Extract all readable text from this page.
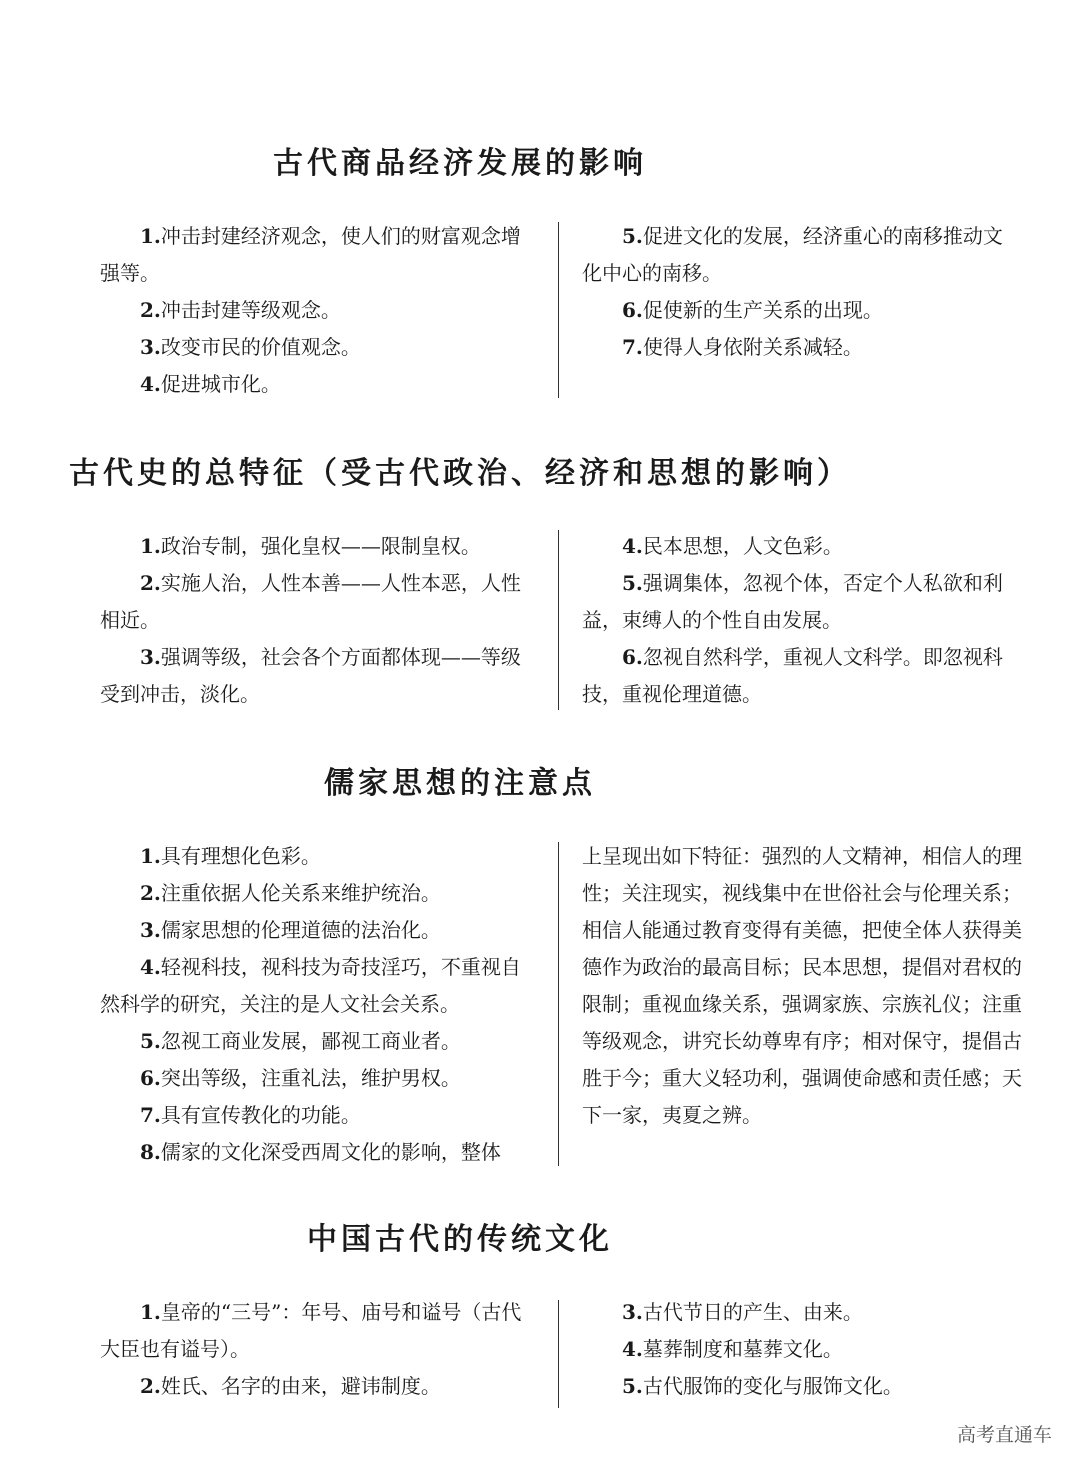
古代商品经济发展的影响

1.冲击封建经济观念，使人们的财富观念增强等。

2.冲击封建等级观念。

3.改变市民的价值观念。

4.促进城市化。

5.促进文化的发展，经济重心的南移推动文化中心的南移。

6.促使新的生产关系的出现。

7.使得人身依附关系减轻。

古代史的总特征（受古代政治、经济和思想的影响）

1.政治专制，强化皇权——限制皇权。

2.实施人治，人性本善——人性本恶，人性相近。

3.强调等级，社会各个方面都体现——等级受到冲击，淡化。

4.民本思想，人文色彩。

5.强调集体，忽视个体，否定个人私欲和利益，束缚人的个性自由发展。

6.忽视自然科学，重视人文科学。即忽视科技，重视伦理道德。

儒家思想的注意点

1.具有理想化色彩。

2.注重依据人伦关系来维护统治。

3.儒家思想的伦理道德的法治化。

4.轻视科技，视科技为奇技淫巧，不重视自然科学的研究，关注的是人文社会关系。

5.忽视工商业发展，鄙视工商业者。

6.突出等级，注重礼法，维护男权。

7.具有宣传教化的功能。

8.儒家的文化深受西周文化的影响，整体

上呈现出如下特征：强烈的人文精神，相信人的理性；关注现实，视线集中在世俗社会与伦理关系；相信人能通过教育变得有美德，把使全体人获得美德作为政治的最高目标；民本思想，提倡对君权的限制；重视血缘关系，强调家族、宗族礼仪；注重等级观念，讲究长幼尊卑有序；相对保守，提倡古胜于今；重大义轻功利，强调使命感和责任感；天下一家，夷夏之辨。

中国古代的传统文化

1.皇帝的“三号”：年号、庙号和谥号（古代大臣也有谥号）。

2.姓氏、名字的由来，避讳制度。

3.古代节日的产生、由来。

4.墓葬制度和墓葬文化。

5.古代服饰的变化与服饰文化。

高考直通车
